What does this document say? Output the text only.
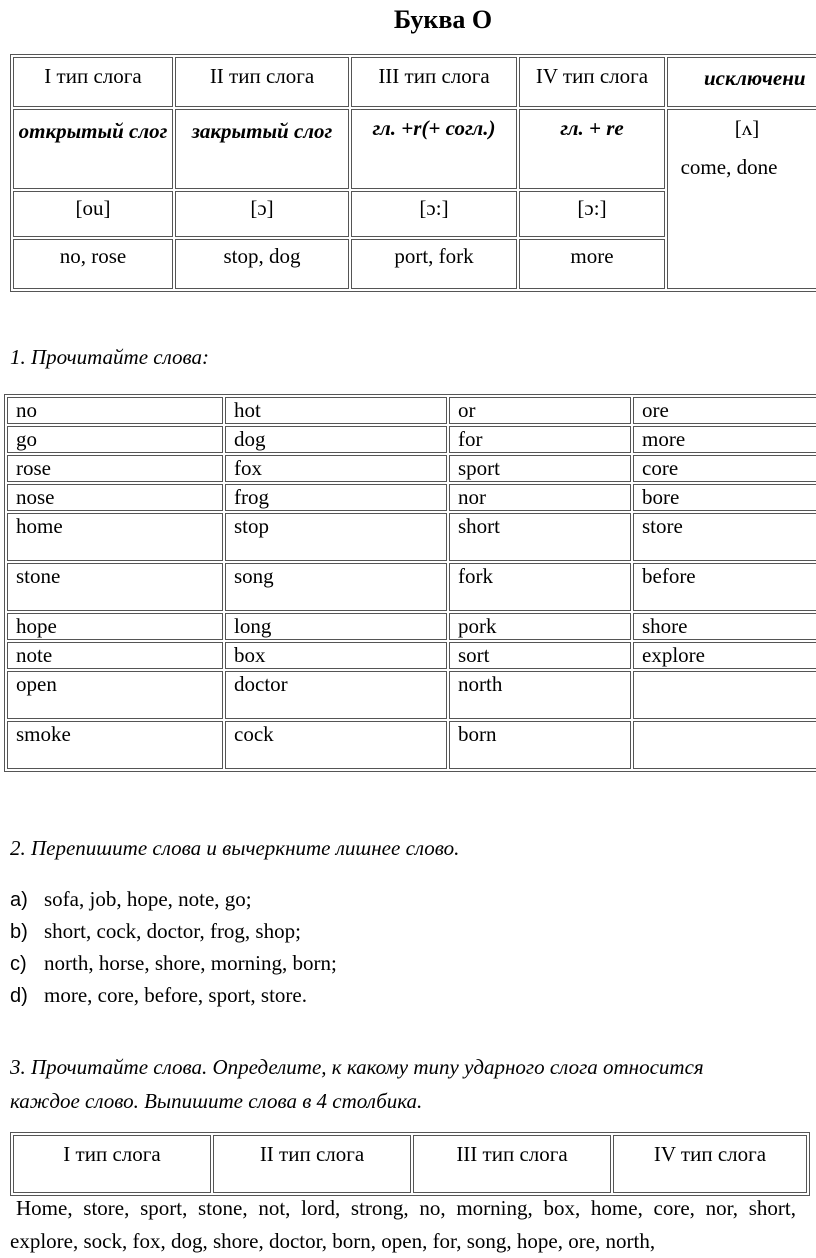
Буква O
I тип слога	II тип слога	III тип слога	IV тип слога	исключени
открытый слог	закрытый слог	гл. +r(+ согл.)	гл. + re	[ʌ]
come, done

[ou]	[ɔ]	[ɔ:]	[ɔ:]	
no, rose	stop, dog	port, fork	more	

1. Прочитайте слова:

no	hot	or	ore
go	dog	for	more
rose	fox	sport	core
nose	frog	nor	bore
home	stop	short	store
stone	song	fork	before
hope	long	pork	shore
note	box	sort	explore
open	doctor	north	
smoke	cock	born	

2. Перепишите слова и вычеркните лишнее слово.

a) sofa, job, hope, note, go;
b) short, cock, doctor, frog, shop;
c) north, horse, shore, morning, born;
d) more, core, before, sport, store.

3. Прочитайте слова. Определите, к какому типу ударного слога относится

каждое слово. Выпишите слова в 4 столбика.

I тип слога	II тип слога	III тип слога	IV тип слога
Home, store, sport, stone, not, lord, strong, no, morning, box, home, core, nor, short, explore, sock, fox, dog, shore, doctor, born, open, for, song, hope, ore, north,
